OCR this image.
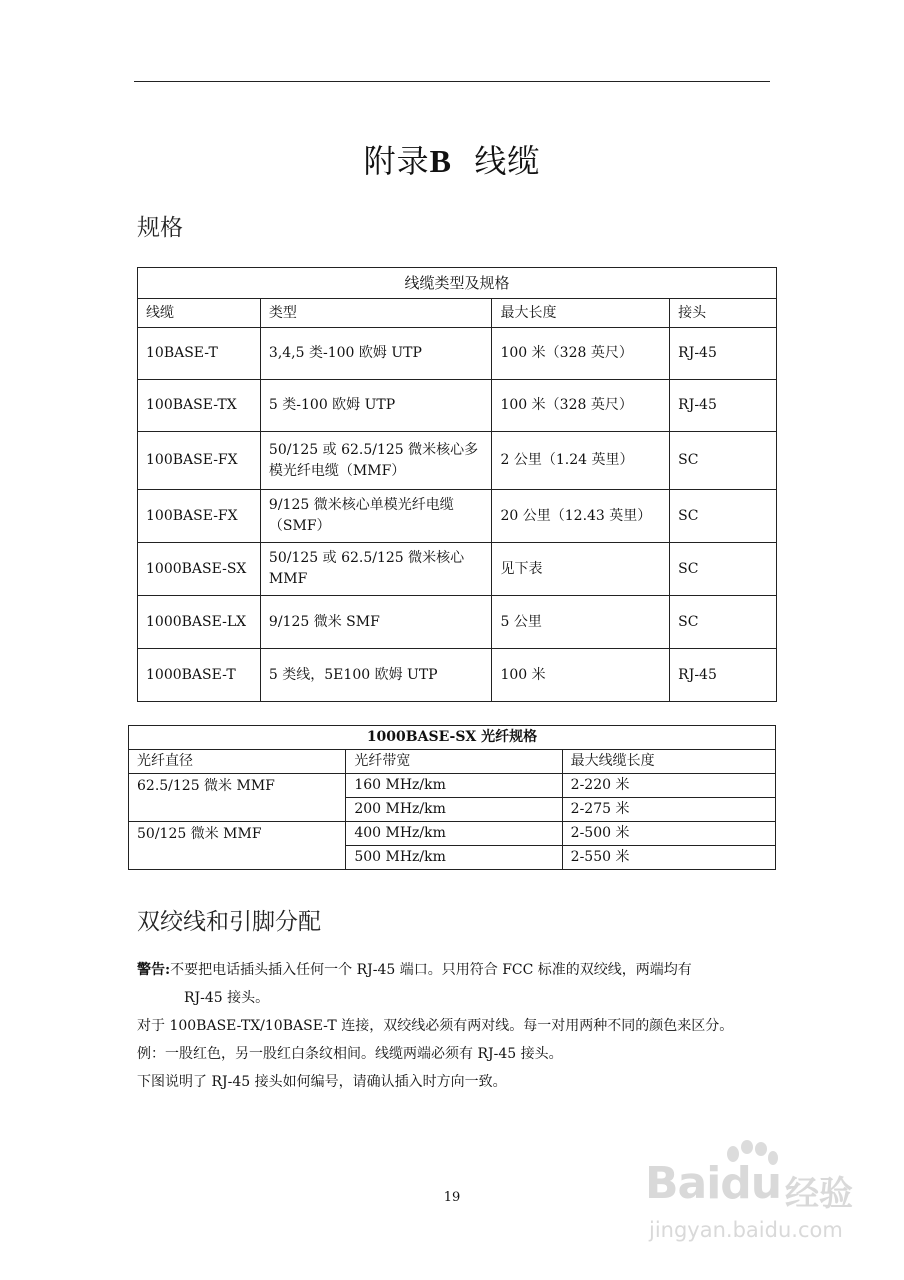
附录B 线缆
规格
线缆类型及规格			
线缆	类型	最大长度	接头
10BASE-T	3,4,5 类-100 欧姆 UTP	100 米（328 英尺）	RJ-45
100BASE-TX	5 类-100 欧姆 UTP	100 米（328 英尺）	RJ-45
100BASE-FX	50/125 或 62.5/125 微米核心多模光纤电缆（MMF）	2 公里（1.24 英里）	SC
100BASE-FX	9/125 微米核心单模光纤电缆（SMF）	20 公里（12.43 英里）	SC
1000BASE-SX	50/125 或 62.5/125 微米核心 MMF	见下表	SC
1000BASE-LX	9/125 微米 SMF	5 公里	SC
1000BASE-T	5 类线，5E100 欧姆 UTP	100 米	RJ-45
1000BASE-SX 光纤规格		
光纤直径	光纤带宽	最大线缆长度
62.5/125 微米 MMF	160 MHz/km	2-220 米
	200 MHz/km	2-275 米
50/125 微米 MMF	400 MHz/km	2-500 米
	500 MHz/km	2-550 米
双绞线和引脚分配
警告:不要把电话插头插入任何一个 RJ-45 端口。只用符合 FCC 标准的双绞线，两端均有
RJ-45 接头。
对于 100BASE-TX/10BASE-T 连接，双绞线必须有两对线。每一对用两种不同的颜色来区分。
例：一股红色，另一股红白条纹相间。线缆两端必须有 RJ-45 接头。
下图说明了 RJ-45 接头如何编号，请确认插入时方向一致。
19	Baidu 经验
jingyan.baidu.com
